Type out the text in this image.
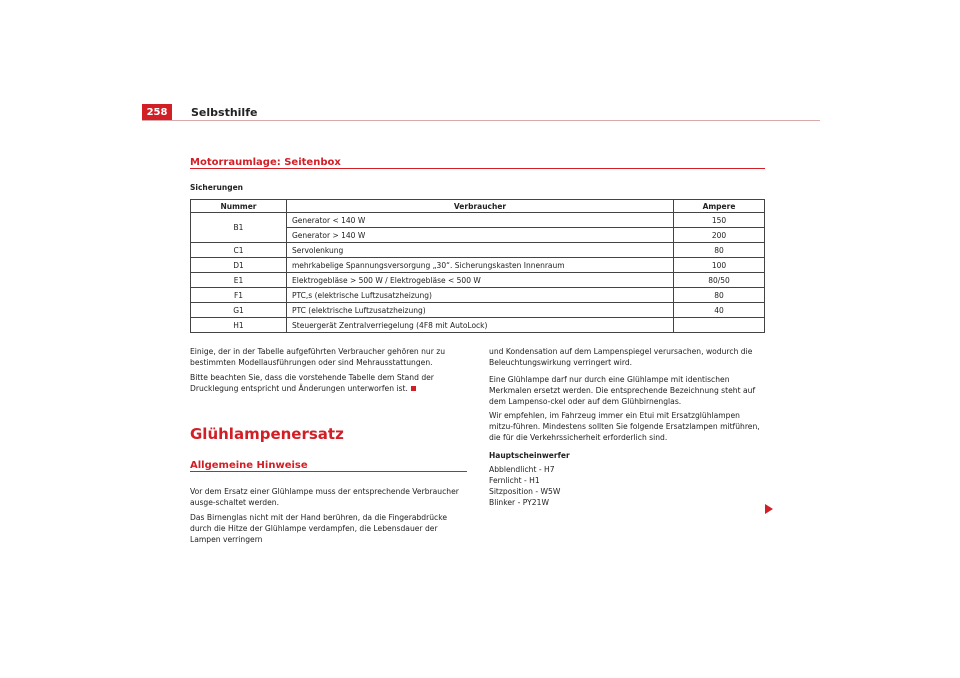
258	Selbsthilfe
Motorraumlage: Seitenbox
Sicherungen
Nummer	Verbraucher	Ampere
B1	Generator < 140 W	150
	Generator > 140 W	200
C1	Servolenkung	80
D1	mehrkabelige Spannungsversorgung „30“. Sicherungskasten Innenraum	100
E1	Elektrogebläse > 500 W / Elektrogebläse < 500 W	80/50
F1	PTC,s (elektrische Luftzusatzheizung)	80
G1	PTC (elektrische Luftzusatzheizung)	40
H1	Steuergerät Zentralverriegelung (4F8 mit AutoLock)	

Einige, der in der Tabelle aufgeführten Verbraucher gehören nur zu bestimmten Modellausführungen oder sind Mehrausstattungen.

Bitte beachten Sie, dass die vorstehende Tabelle dem Stand der Drucklegung entspricht und Änderungen unterworfen ist.

Glühlampenersatz
Allgemeine Hinweise

Vor dem Ersatz einer Glühlampe muss der entsprechende Verbraucher ausge-schaltet werden.

Das Birnenglas nicht mit der Hand berühren, da die Fingerabdrücke durch die Hitze der Glühlampe verdampfen, die Lebensdauer der Lampen verringern

und Kondensation auf dem Lampenspiegel verursachen, wodurch die Beleuchtungswirkung verringert wird.

Eine Glühlampe darf nur durch eine Glühlampe mit identischen Merkmalen ersetzt werden. Die entsprechende Bezeichnung steht auf dem Lampenso-ckel oder auf dem Glühbirnenglas.

Wir empfehlen, im Fahrzeug immer ein Etui mit Ersatzglühlampen mitzu-führen. Mindestens sollten Sie folgende Ersatzlampen mitführen, die für die Verkehrssicherheit erforderlich sind.

Hauptscheinwerfer
Abblendlicht - H7
Fernlicht - H1
Sitzposition - W5W
Blinker - PY21W
